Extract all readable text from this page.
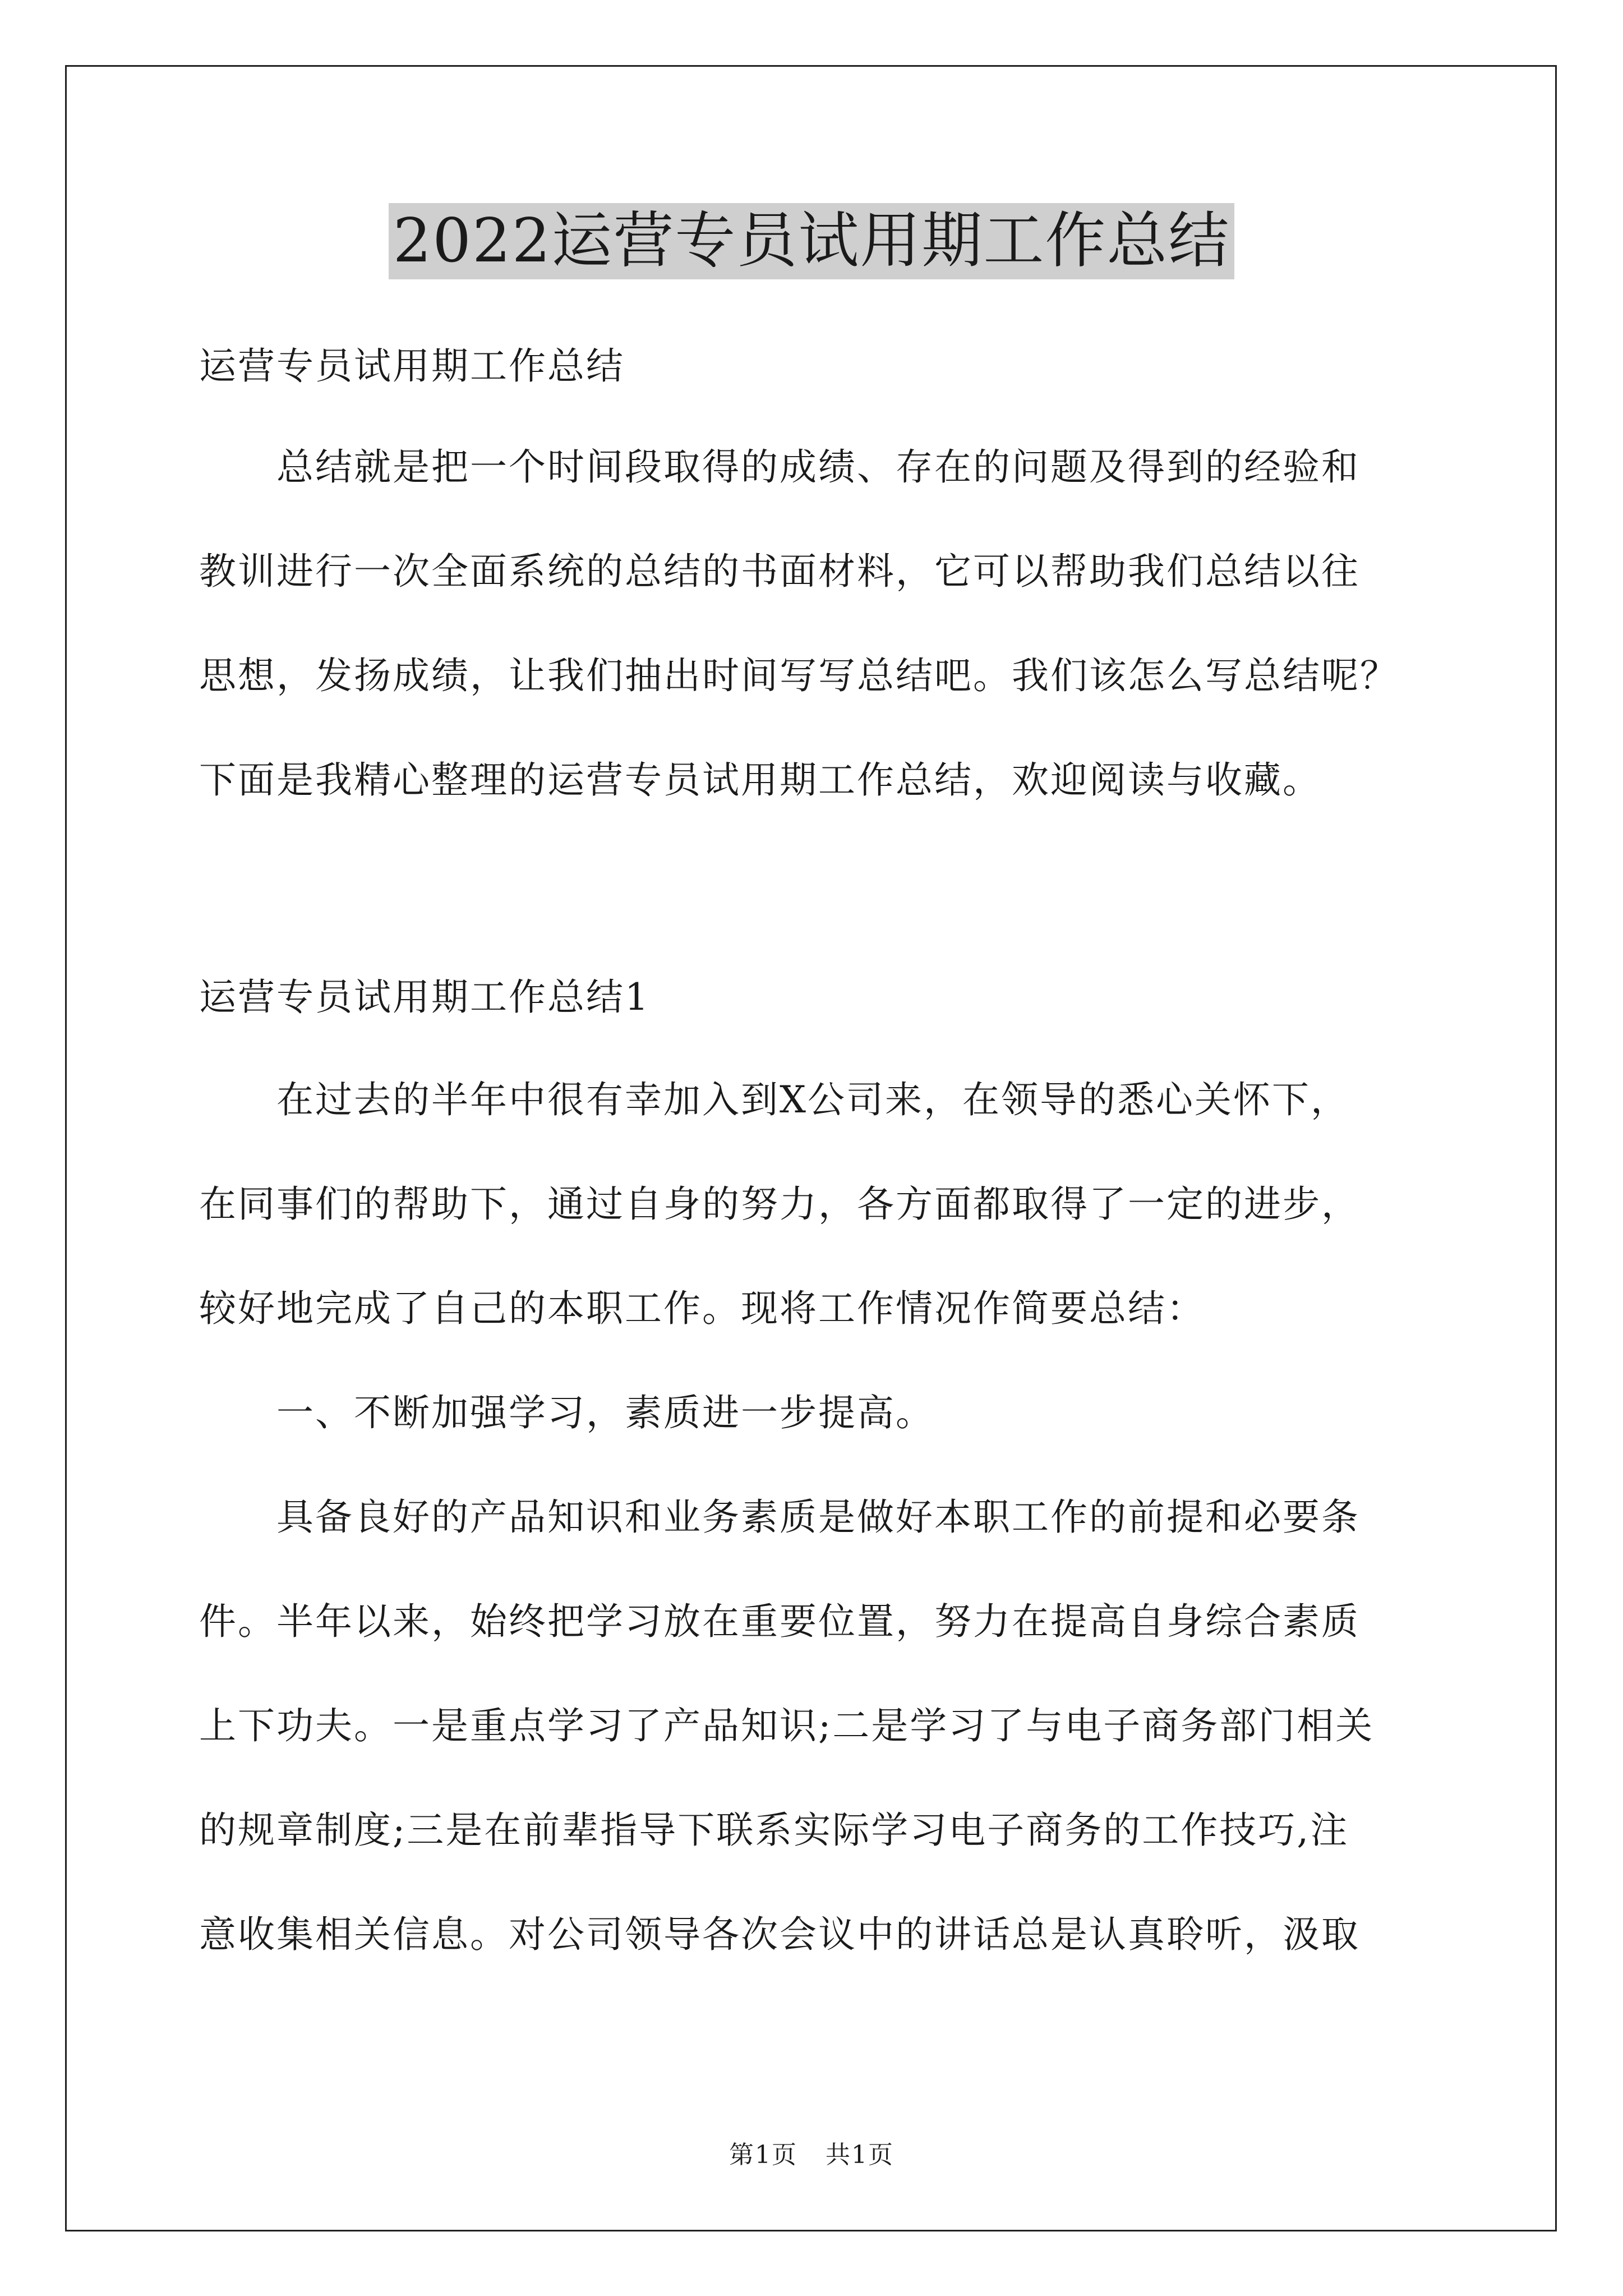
2022运营专员试用期工作总结

运营专员试用期工作总结

　　总结就是把一个时间段取得的成绩、存在的问题及得到的经验和

教训进行一次全面系统的总结的书面材料，它可以帮助我们总结以往

思想，发扬成绩，让我们抽出时间写写总结吧。我们该怎么写总结呢？

下面是我精心整理的运营专员试用期工作总结，欢迎阅读与收藏。

运营专员试用期工作总结1

　　在过去的半年中很有幸加入到X公司来，在领导的悉心关怀下，

在同事们的帮助下，通过自身的努力，各方面都取得了一定的进步，

较好地完成了自己的本职工作。现将工作情况作简要总结：

　　一、不断加强学习，素质进一步提高。

　　具备良好的产品知识和业务素质是做好本职工作的前提和必要条

件。半年以来，始终把学习放在重要位置，努力在提高自身综合素质

上下功夫。一是重点学习了产品知识;二是学习了与电子商务部门相关

的规章制度;三是在前辈指导下联系实际学习电子商务的工作技巧,注

意收集相关信息。对公司领导各次会议中的讲话总是认真聆听，汲取

第1页 共1页
